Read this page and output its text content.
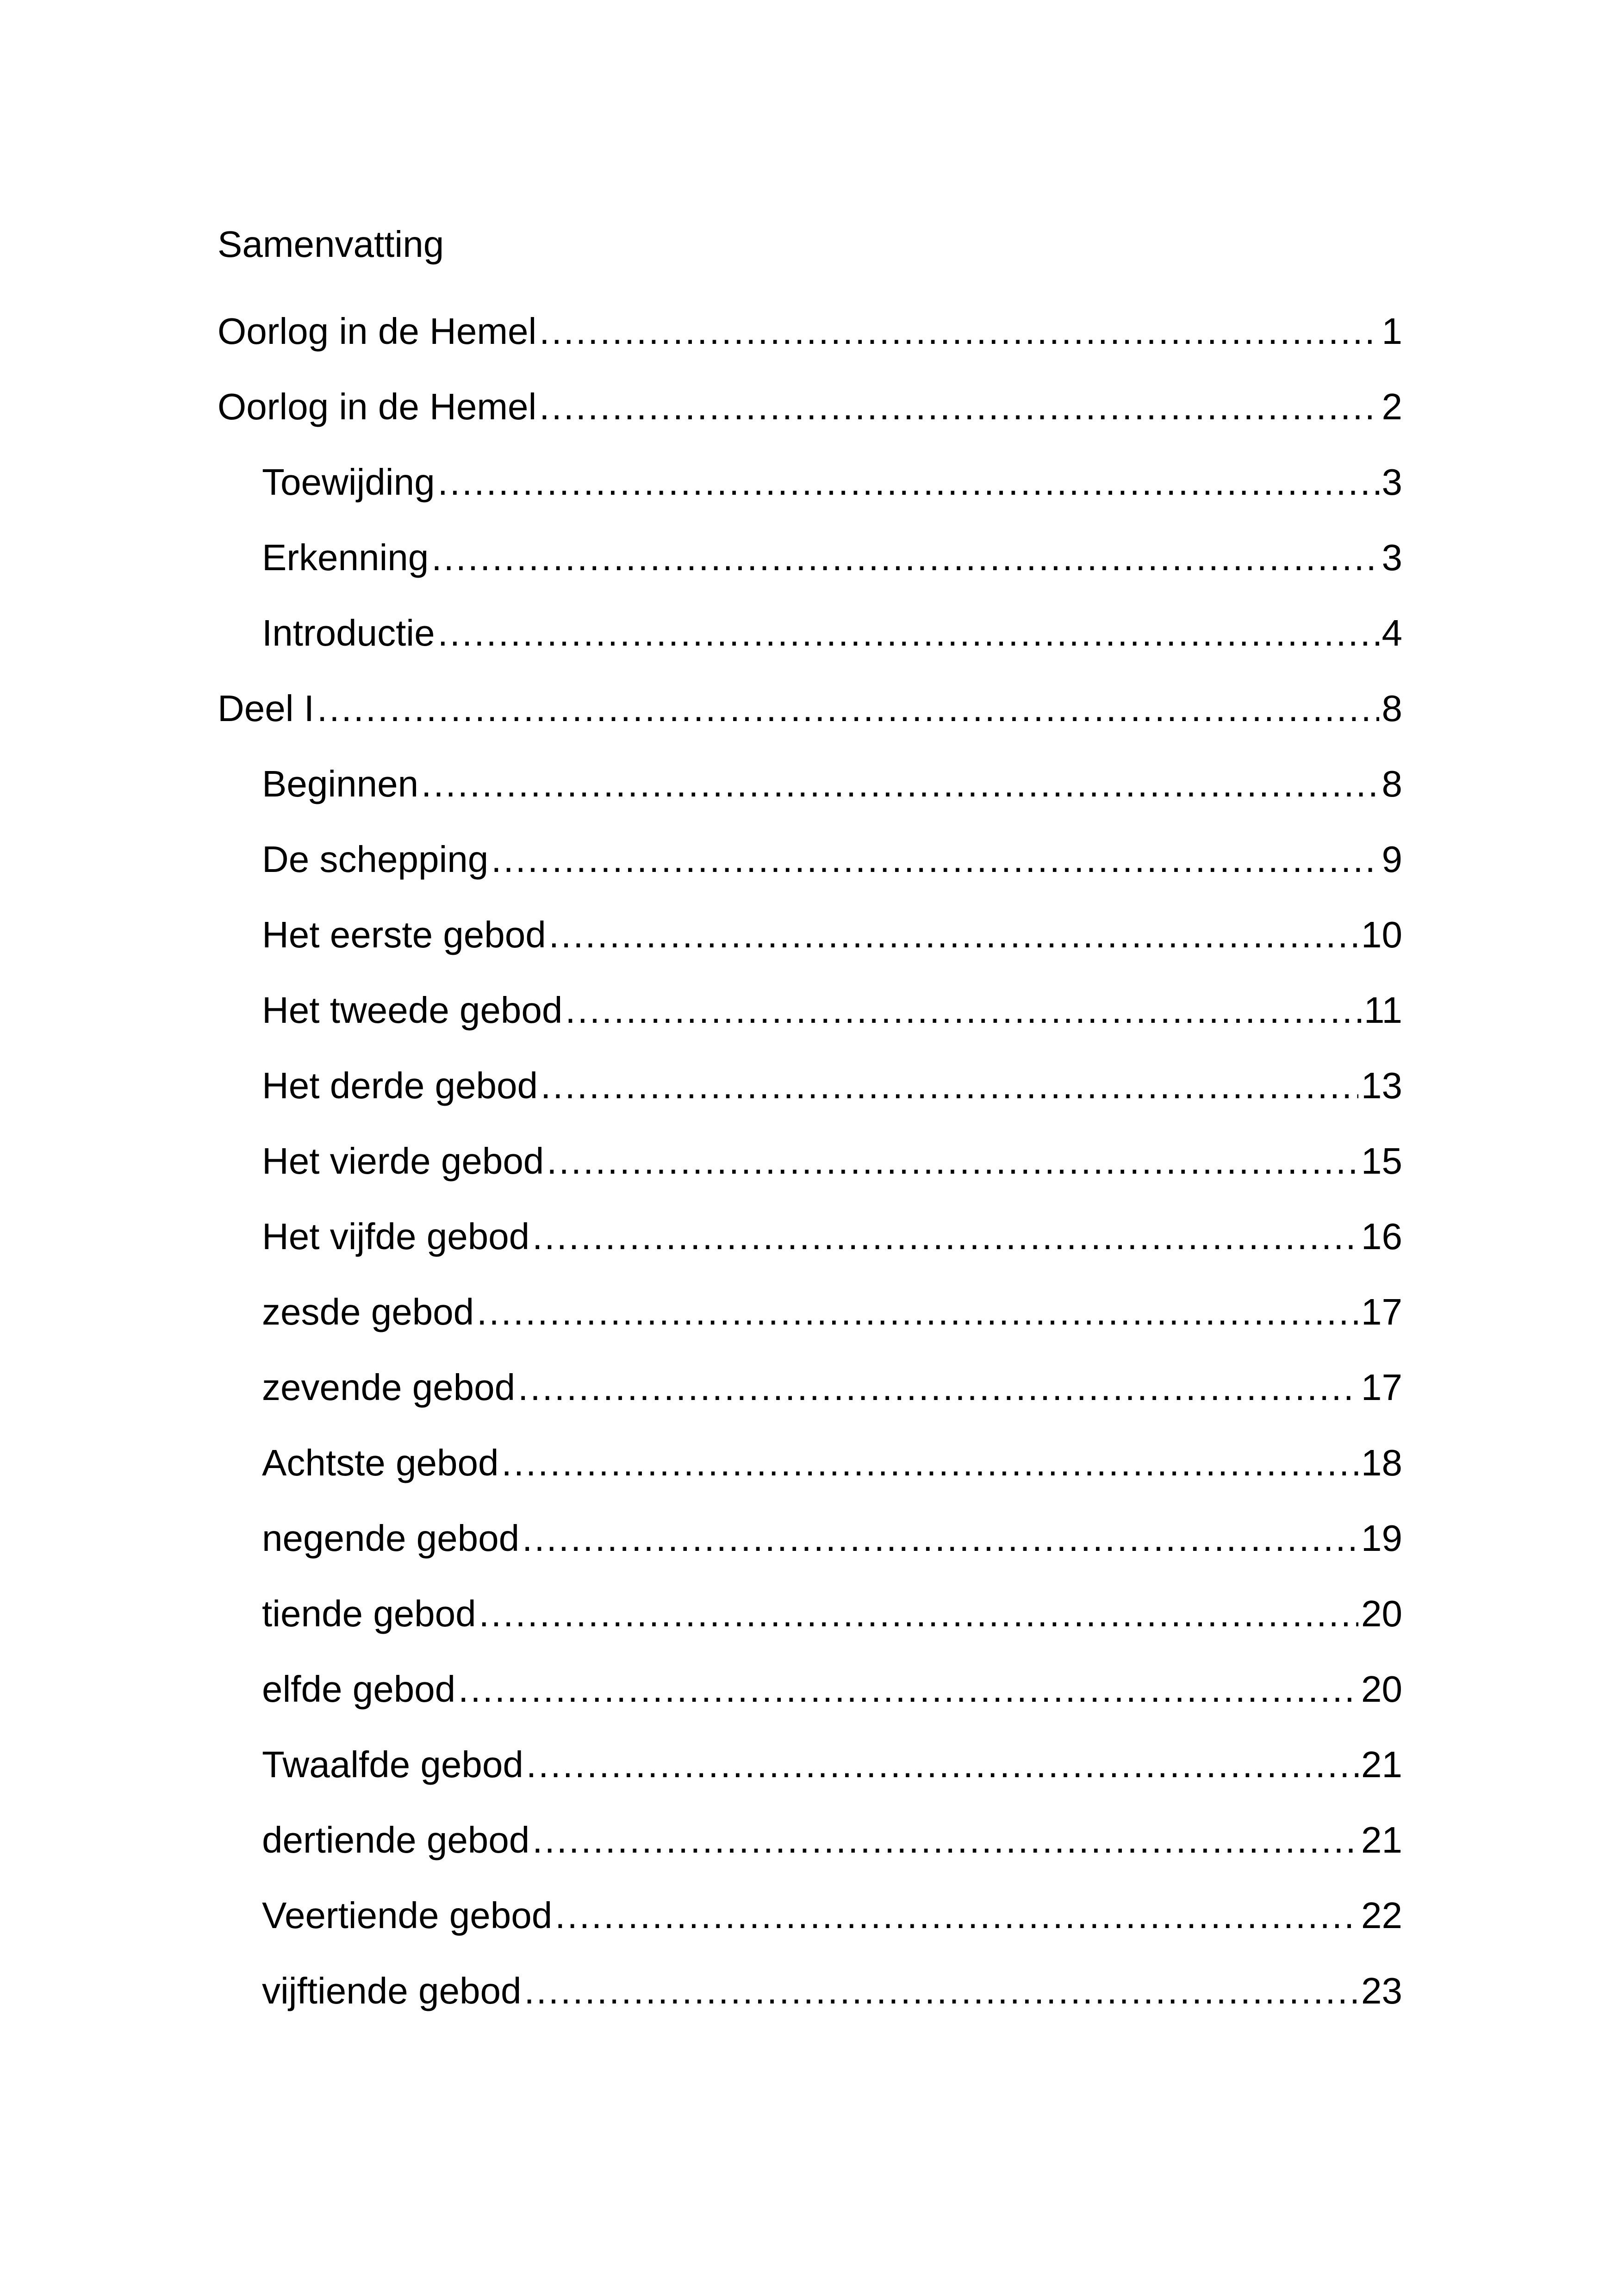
Samenvatting
Oorlog in de Hemel .....	1
Oorlog in de Hemel .....	2
Toewijding .....	3
Erkenning .....	3
Introductie .....	4
Deel I .....	8
Beginnen .....	8
De schepping .....	9
Het eerste gebod .....	10
Het tweede gebod .....	11
Het derde gebod .....	13
Het vierde gebod .....	15
Het vijfde gebod .....	16
zesde gebod .....	17
zevende gebod .....	17
Achtste gebod .....	18
negende gebod .....	19
tiende gebod .....	20
elfde gebod .....	20
Twaalfde gebod .....	21
dertiende gebod .....	21
Veertiende gebod .....	22
vijftiende gebod .....	23
